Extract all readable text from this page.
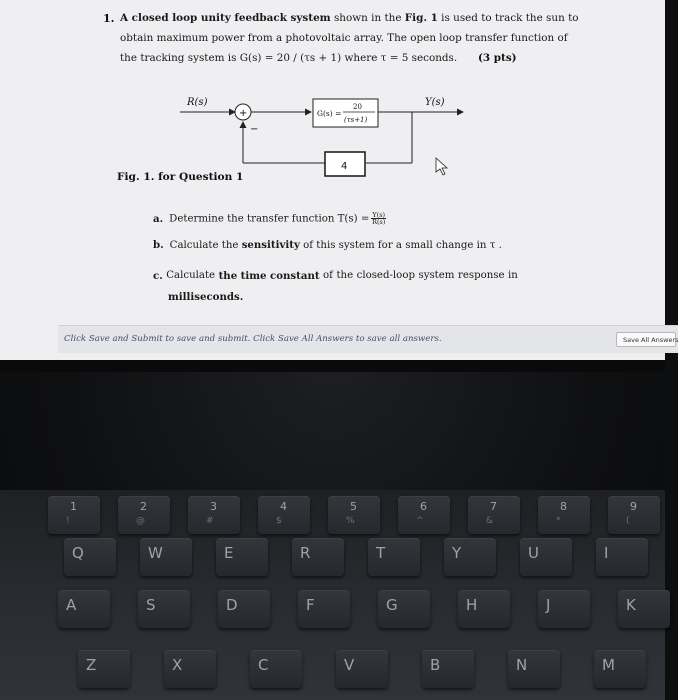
1. A closed loop unity feedback system shown in the Fig. 1 is used to track the sun to
obtain maximum power from a photovoltaic array. The open loop transfer function of
the tracking system is G(s) = 20 / (τs + 1) where τ = 5 seconds. (3 pts)
R(s)
+
−
G(s) =
20
(τs+1)
Y(s)
4
Fig. 1. for Question 1
a. Determine the transfer function $T(s) = \frac{Y(s)}{R(s)}$
b. Calculate the sensitivity of this system for a small change in τ .
c. Calculate the time constant of the closed-loop system response in
milliseconds.
Click Save and Submit to save and submit. Click Save All Answers to save all answers.	Save All Answers
1
!
2
@
3
#
4
$
5
%
6
^
7
&
8
*
9
(
Q	W	E	R	T	Y	U	I
A	S	D	F	G	H	J	K
Z	X	C	V	B	N	M
